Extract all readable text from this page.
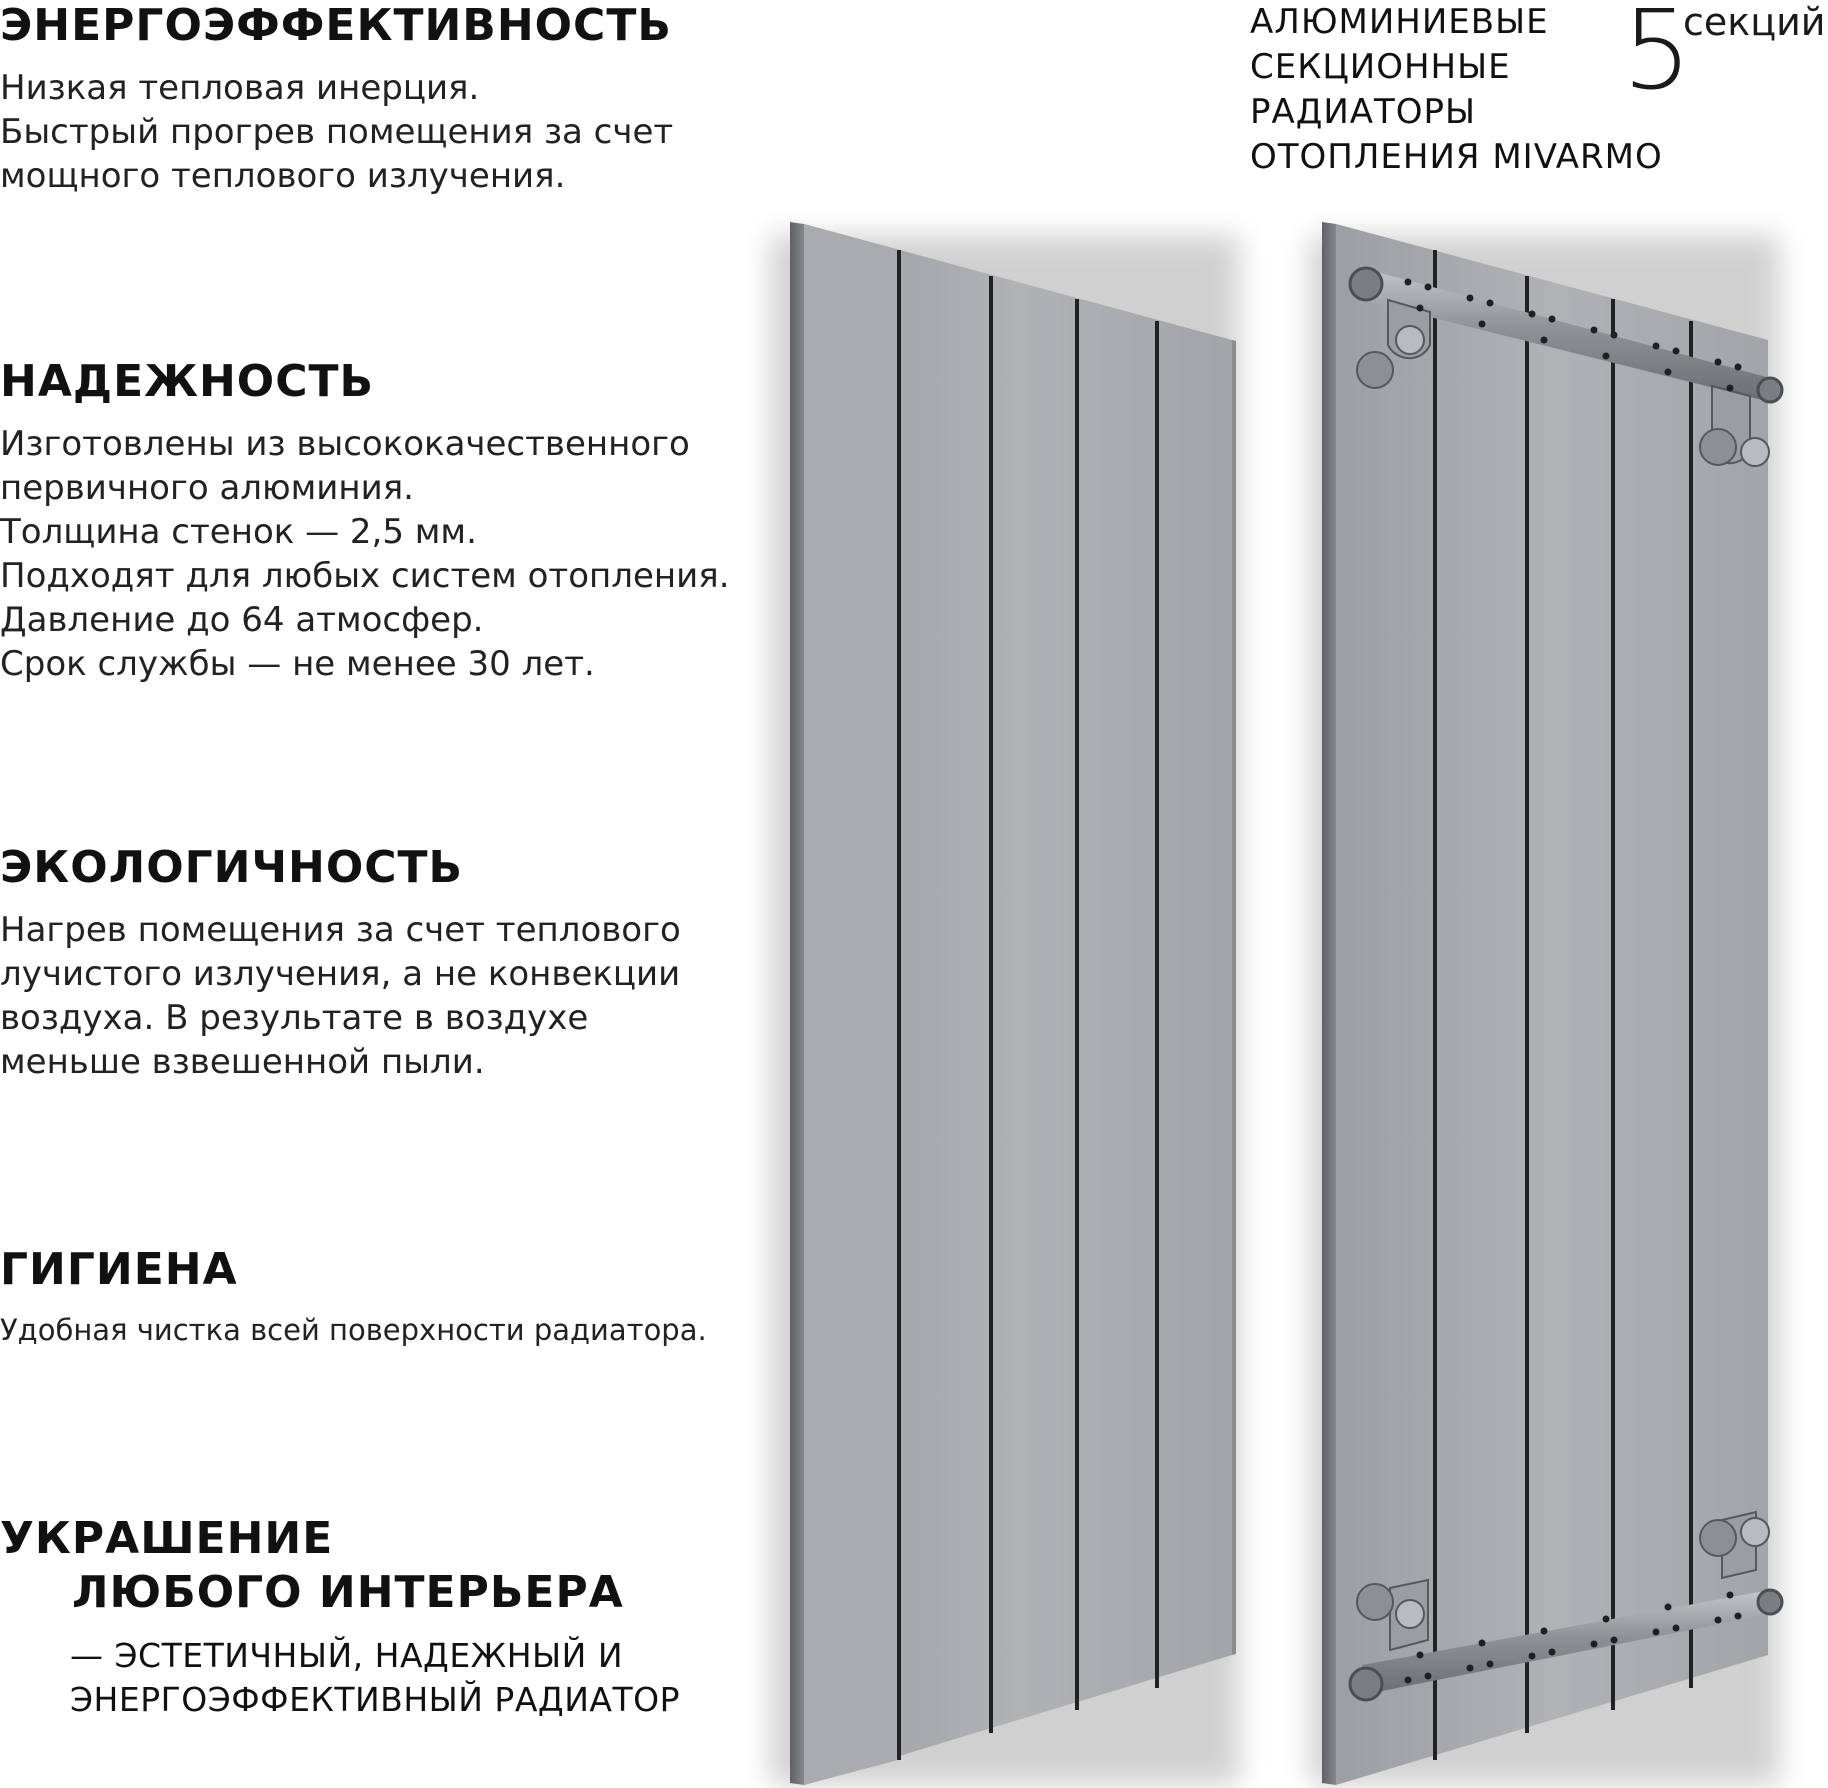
ЭНЕРГОЭФФЕКТИВНОСТЬ

Низкая тепловая инерция.
Быстрый прогрев помещения за счет
мощного теплового излучения.

НАДЕЖНОСТЬ

Изготовлены из высококачественного
первичного алюминия.
Толщина стенок — 2,5 мм.
Подходят для любых систем отопления.
Давление до 64 атмосфер.
Срок службы — не менее 30 лет.

ЭКОЛОГИЧНОСТЬ

Нагрев помещения за счет теплового
лучистого излучения, а не конвекции
воздуха. В результате в воздухе
меньше взвешенной пыли.

ГИГИЕНА

Удобная чистка всей поверхности радиатора.

УКРАШЕНИЕ
ЛЮБОГО ИНТЕРЬЕРА
— ЭСТЕТИЧНЫЙ, НАДЕЖНЫЙ И
ЭНЕРГОЭФФЕКТИВНЫЙ РАДИАТОР
АЛЮМИНИЕВЫЕ
СЕКЦИОННЫЕ
РАДИАТОРЫ
ОТОПЛЕНИЯ MIVARMO
5
секций
